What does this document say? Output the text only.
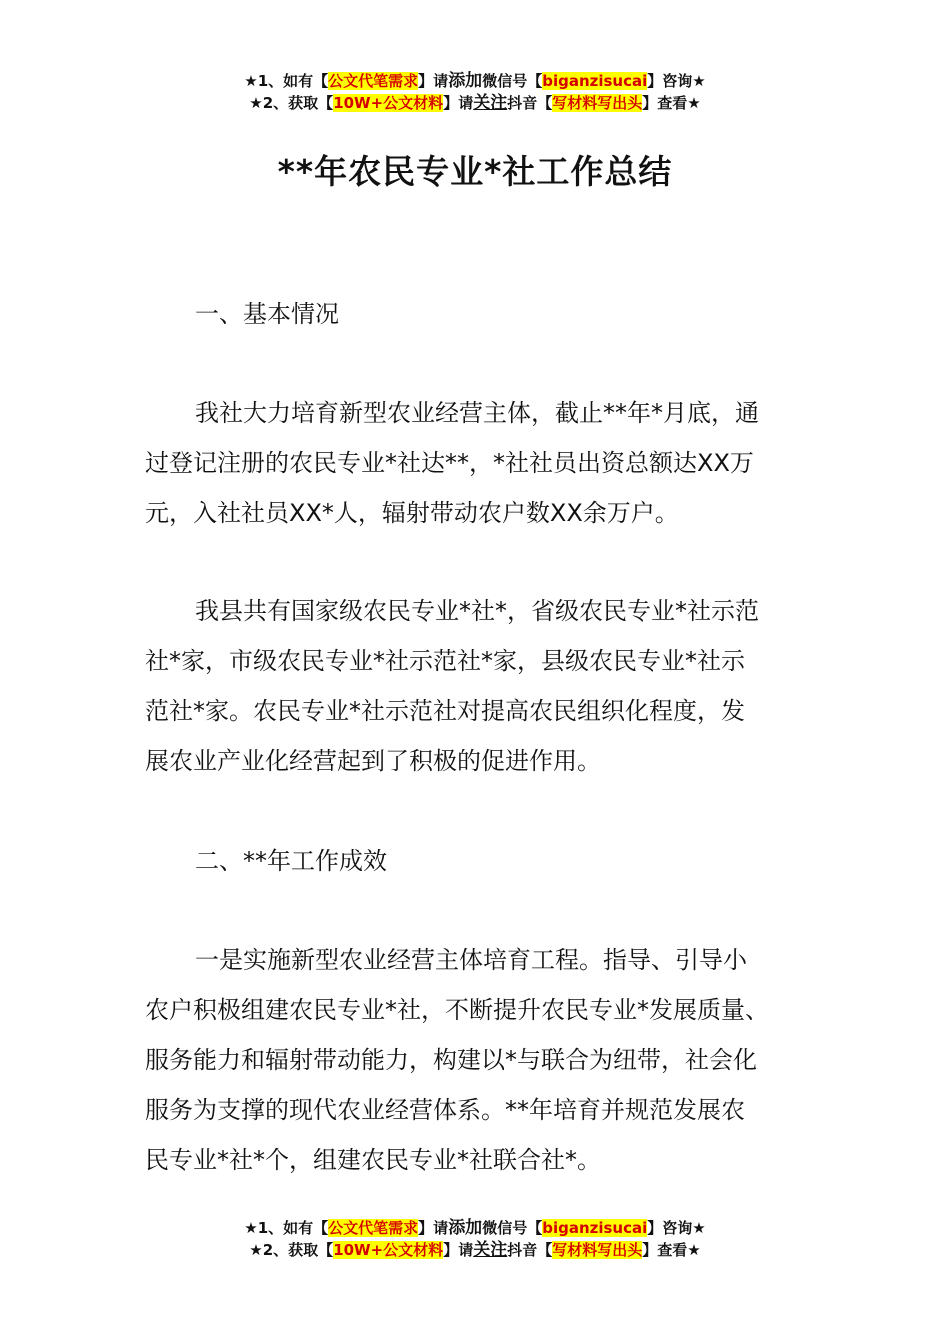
★1、如有【公文代笔需求】请添加微信号【biganzisucai】咨询★
★2、获取【10W+公文材料】请关注抖音【写材料写出头】查看★
**年农民专业*社工作总结
一、基本情况

我社大力培育新型农业经营主体，截止**年*月底，通
过登记注册的农民专业*社达**，*社社员出资总额达XX万
元，入社社员XX*人，辐射带动农户数XX余万户。

我县共有国家级农民专业*社*，省级农民专业*社示范
社*家，市级农民专业*社示范社*家，县级农民专业*社示
范社*家。农民专业*社示范社对提高农民组织化程度，发
展农业产业化经营起到了积极的促进作用。

二、**年工作成效

一是实施新型农业经营主体培育工程。指导、引导小
农户积极组建农民专业*社，不断提升农民专业*发展质量、
服务能力和辐射带动能力，构建以*与联合为纽带，社会化
服务为支撑的现代农业经营体系。**年培育并规范发展农
民专业*社*个，组建农民专业*社联合社*。

★1、如有【公文代笔需求】请添加微信号【biganzisucai】咨询★
★2、获取【10W+公文材料】请关注抖音【写材料写出头】查看★
